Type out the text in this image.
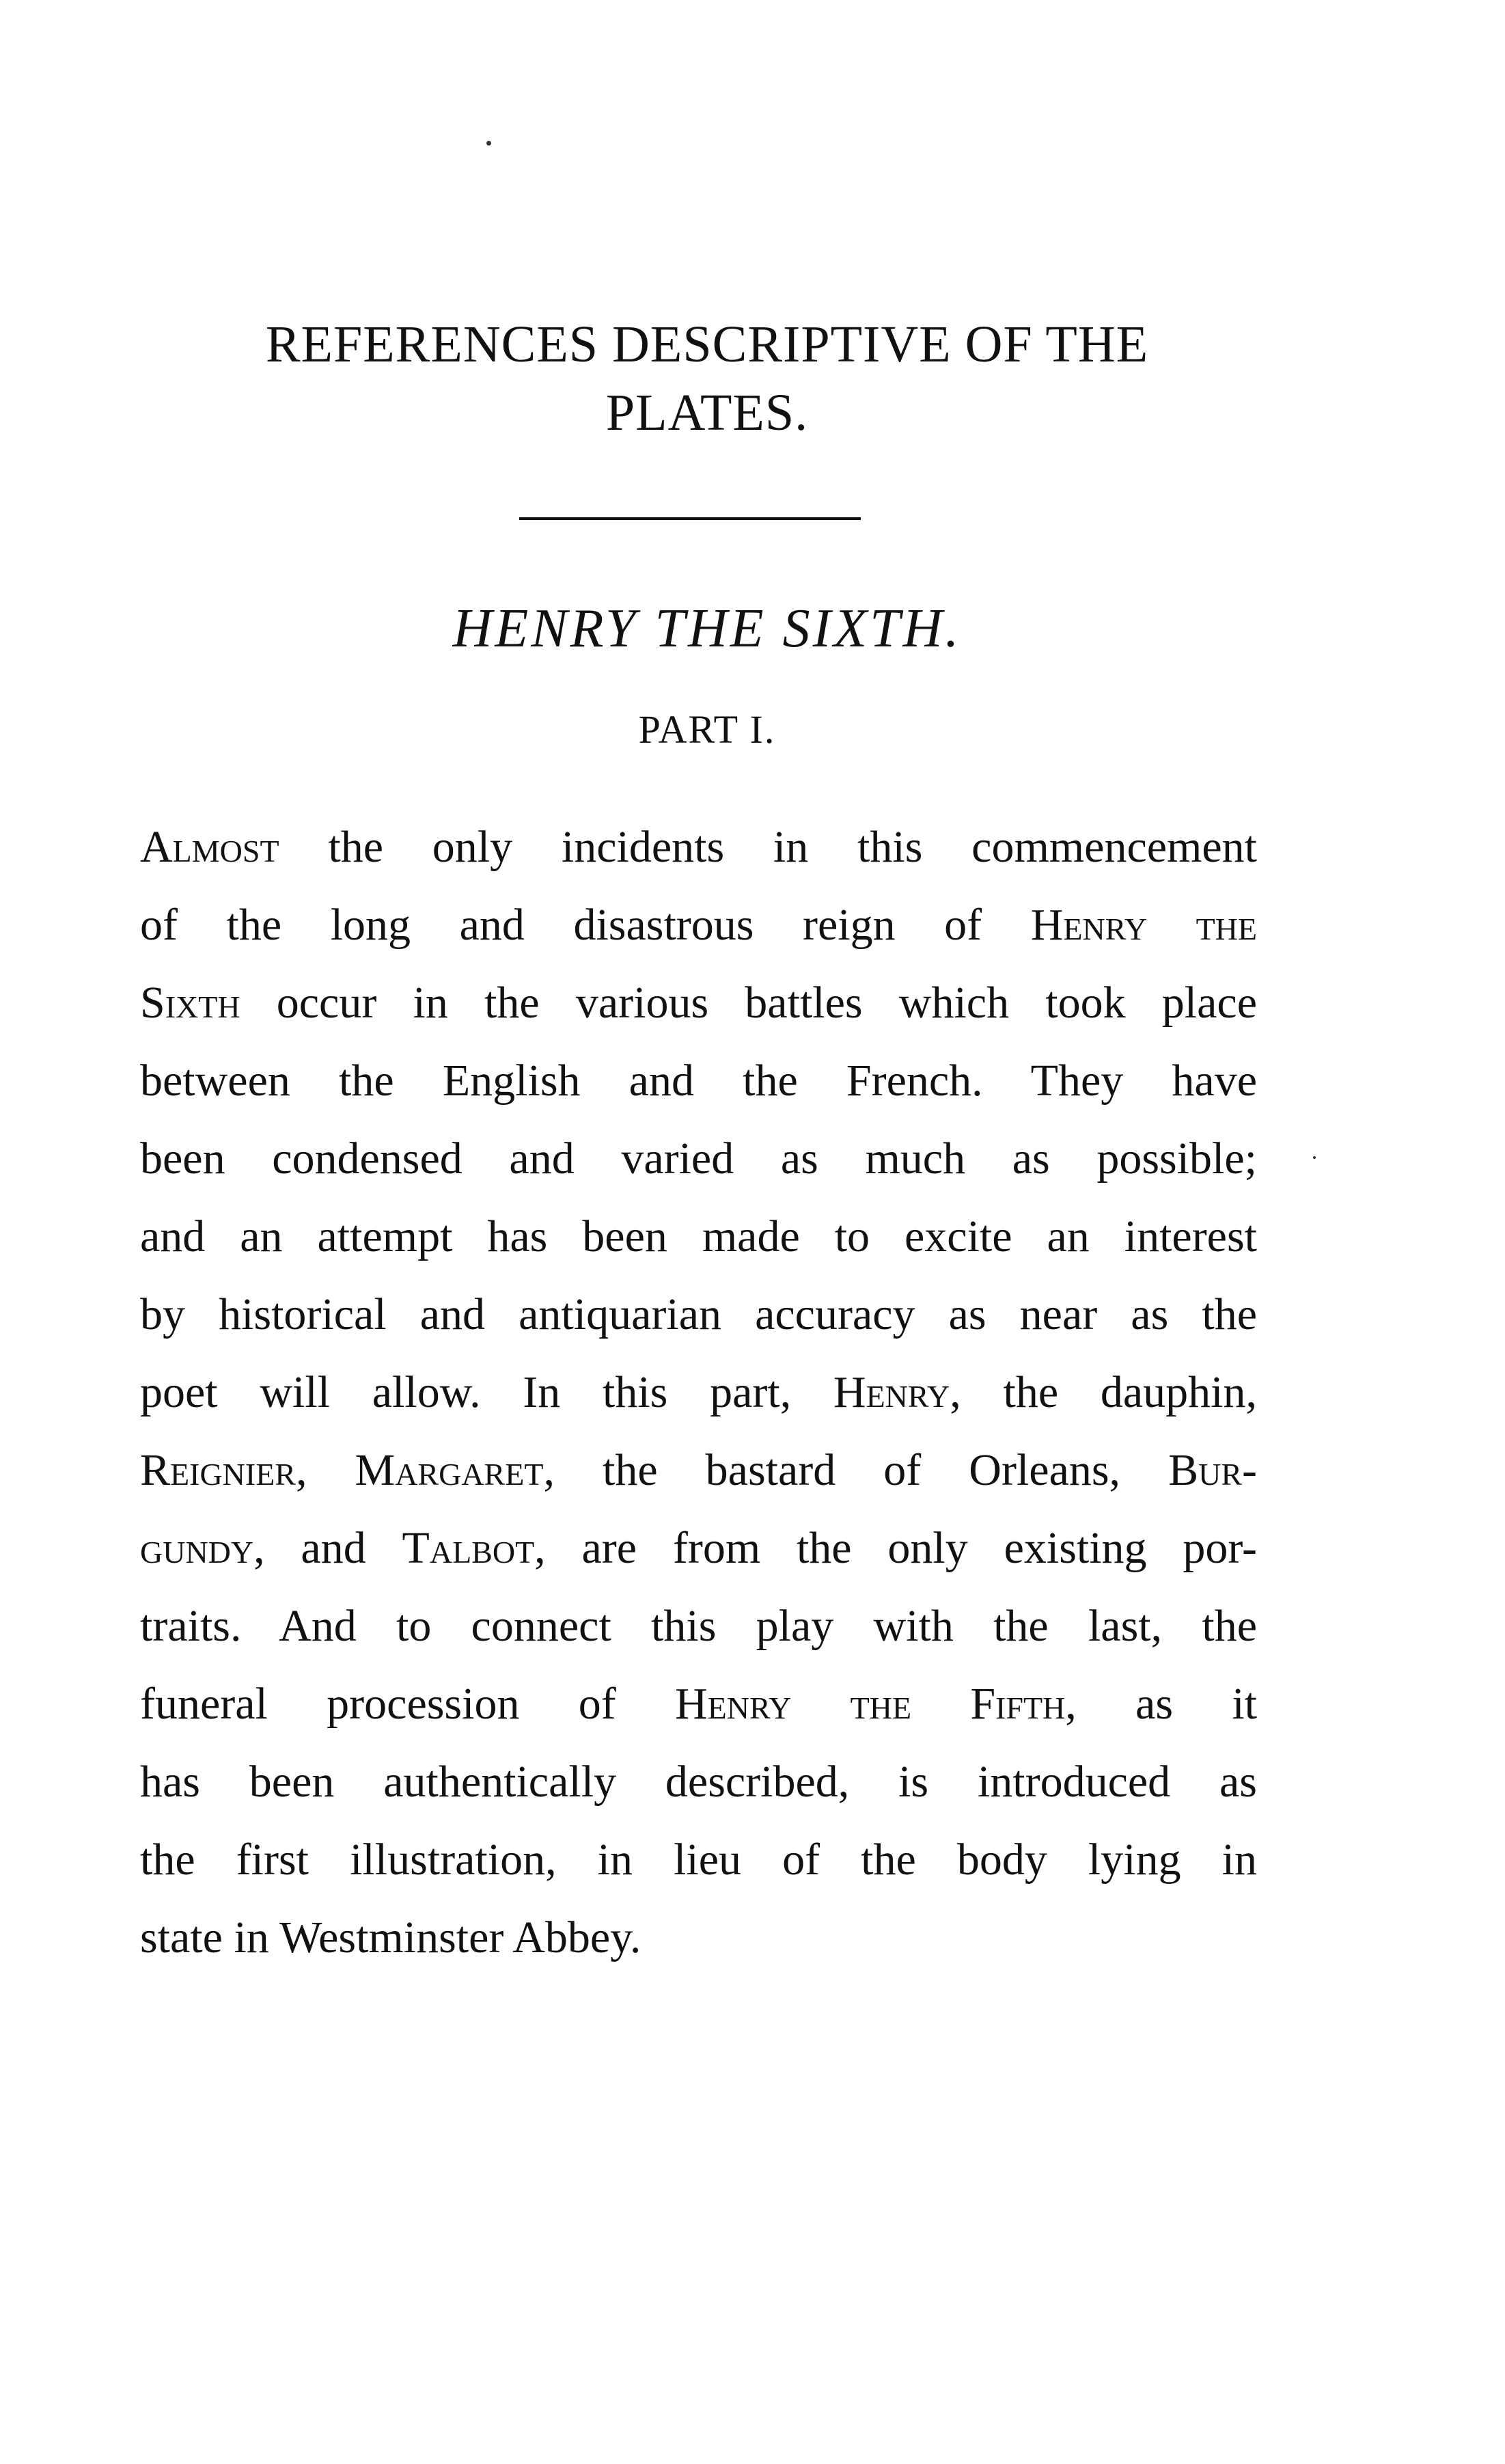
REFERENCES DESCRIPTIVE OF THE
PLATES.
HENRY THE SIXTH.
PART I.
Almost the only incidents in this commencement
of the long and disastrous reign of Henry the
Sixth occur in the various battles which took place
between the English and the French. They have
been condensed and varied as much as possible;
and an attempt has been made to excite an interest
by historical and antiquarian accuracy as near as the
poet will allow. In this part, Henry, the dauphin,
Reignier, Margaret, the bastard of Orleans, Bur-
gundy, and Talbot, are from the only existing por-
traits. And to connect this play with the last, the
funeral procession of Henry the Fifth, as it
has been authentically described, is introduced as
the first illustration, in lieu of the body lying in
state in Westminster Abbey.
